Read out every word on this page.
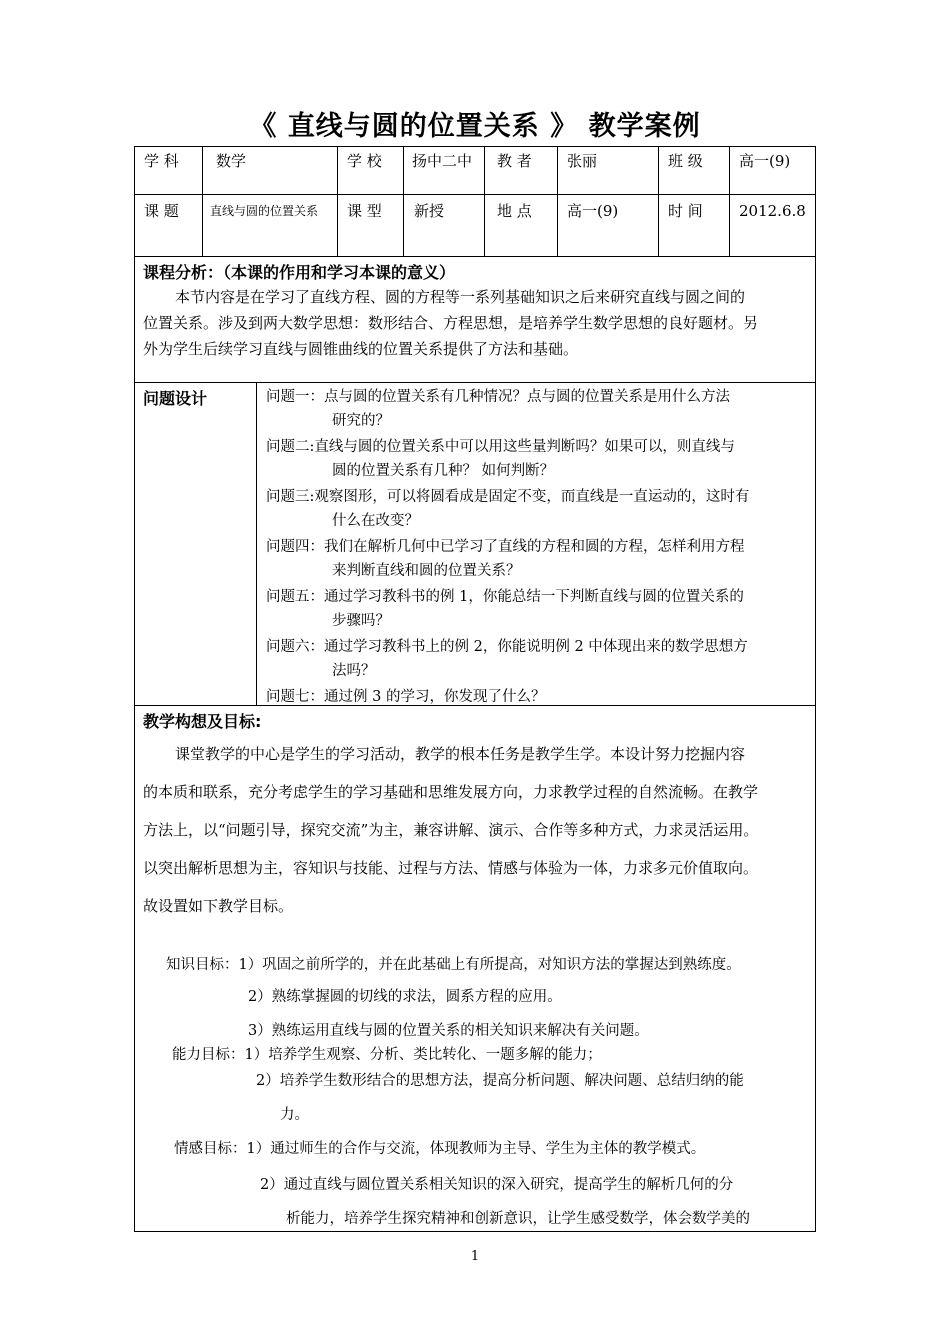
《 直线与圆的位置关系 》 教学案例
学 科 数学	学 校 扬中二中 教 者 张丽	班 级 高一(9)
课 题	直线与圆的位置关系	课 型 新授	地 点 高一(9)	时 间 2012.6.8
课程分析：（本课的作用和学习本课的意义）
本节内容是在学习了直线方程、圆的方程等一系列基础知识之后来研究直线与圆之间的
位置关系。涉及到两大数学思想：数形结合、方程思想，是培养学生数学思想的良好题材。另
外为学生后续学习直线与圆锥曲线的位置关系提供了方法和基础。
问题设计	问题一：点与圆的位置关系有几种情况？点与圆的位置关系是用什么方法
研究的？
问题二:直线与圆的位置关系中可以用这些量判断吗？如果可以，则直线与
圆的位置关系有几种？ 如何判断？
问题三:观察图形，可以将圆看成是固定不变，而直线是一直运动的，这时有
什么在改变？
问题四：我们在解析几何中已学习了直线的方程和圆的方程，怎样利用方程
来判断直线和圆的位置关系？
问题五：通过学习教科书的例 1，你能总结一下判断直线与圆的位置关系的
步骤吗？
问题六：通过学习教科书上的例 2，你能说明例 2 中体现出来的数学思想方
法吗？
问题七：通过例 3 的学习，你发现了什么？
教学构想及目标:
课堂教学的中心是学生的学习活动，教学的根本任务是教学生学。本设计努力挖掘内容
的本质和联系，充分考虑学生的学习基础和思维发展方向，力求教学过程的自然流畅。在教学
方法上，以“问题引导，探究交流”为主，兼容讲解、演示、合作等多种方式，力求灵活运用。
以突出解析思想为主，容知识与技能、过程与方法、情感与体验为一体，力求多元价值取向。
故设置如下教学目标。
知识目标：1）巩固之前所学的，并在此基础上有所提高，对知识方法的掌握达到熟练度。
2）熟练掌握圆的切线的求法，圆系方程的应用。
3）熟练运用直线与圆的位置关系的相关知识来解决有关问题。
能力目标：1）培养学生观察、分析、类比转化、一题多解的能力；
2）培养学生数形结合的思想方法，提高分析问题、解决问题、总结归纳的能
力。
情感目标：1）通过师生的合作与交流，体现教师为主导、学生为主体的教学模式。
2）通过直线与圆位置关系相关知识的深入研究，提高学生的解析几何的分
析能力，培养学生探究精神和创新意识，让学生感受数学，体会数学美的
1
